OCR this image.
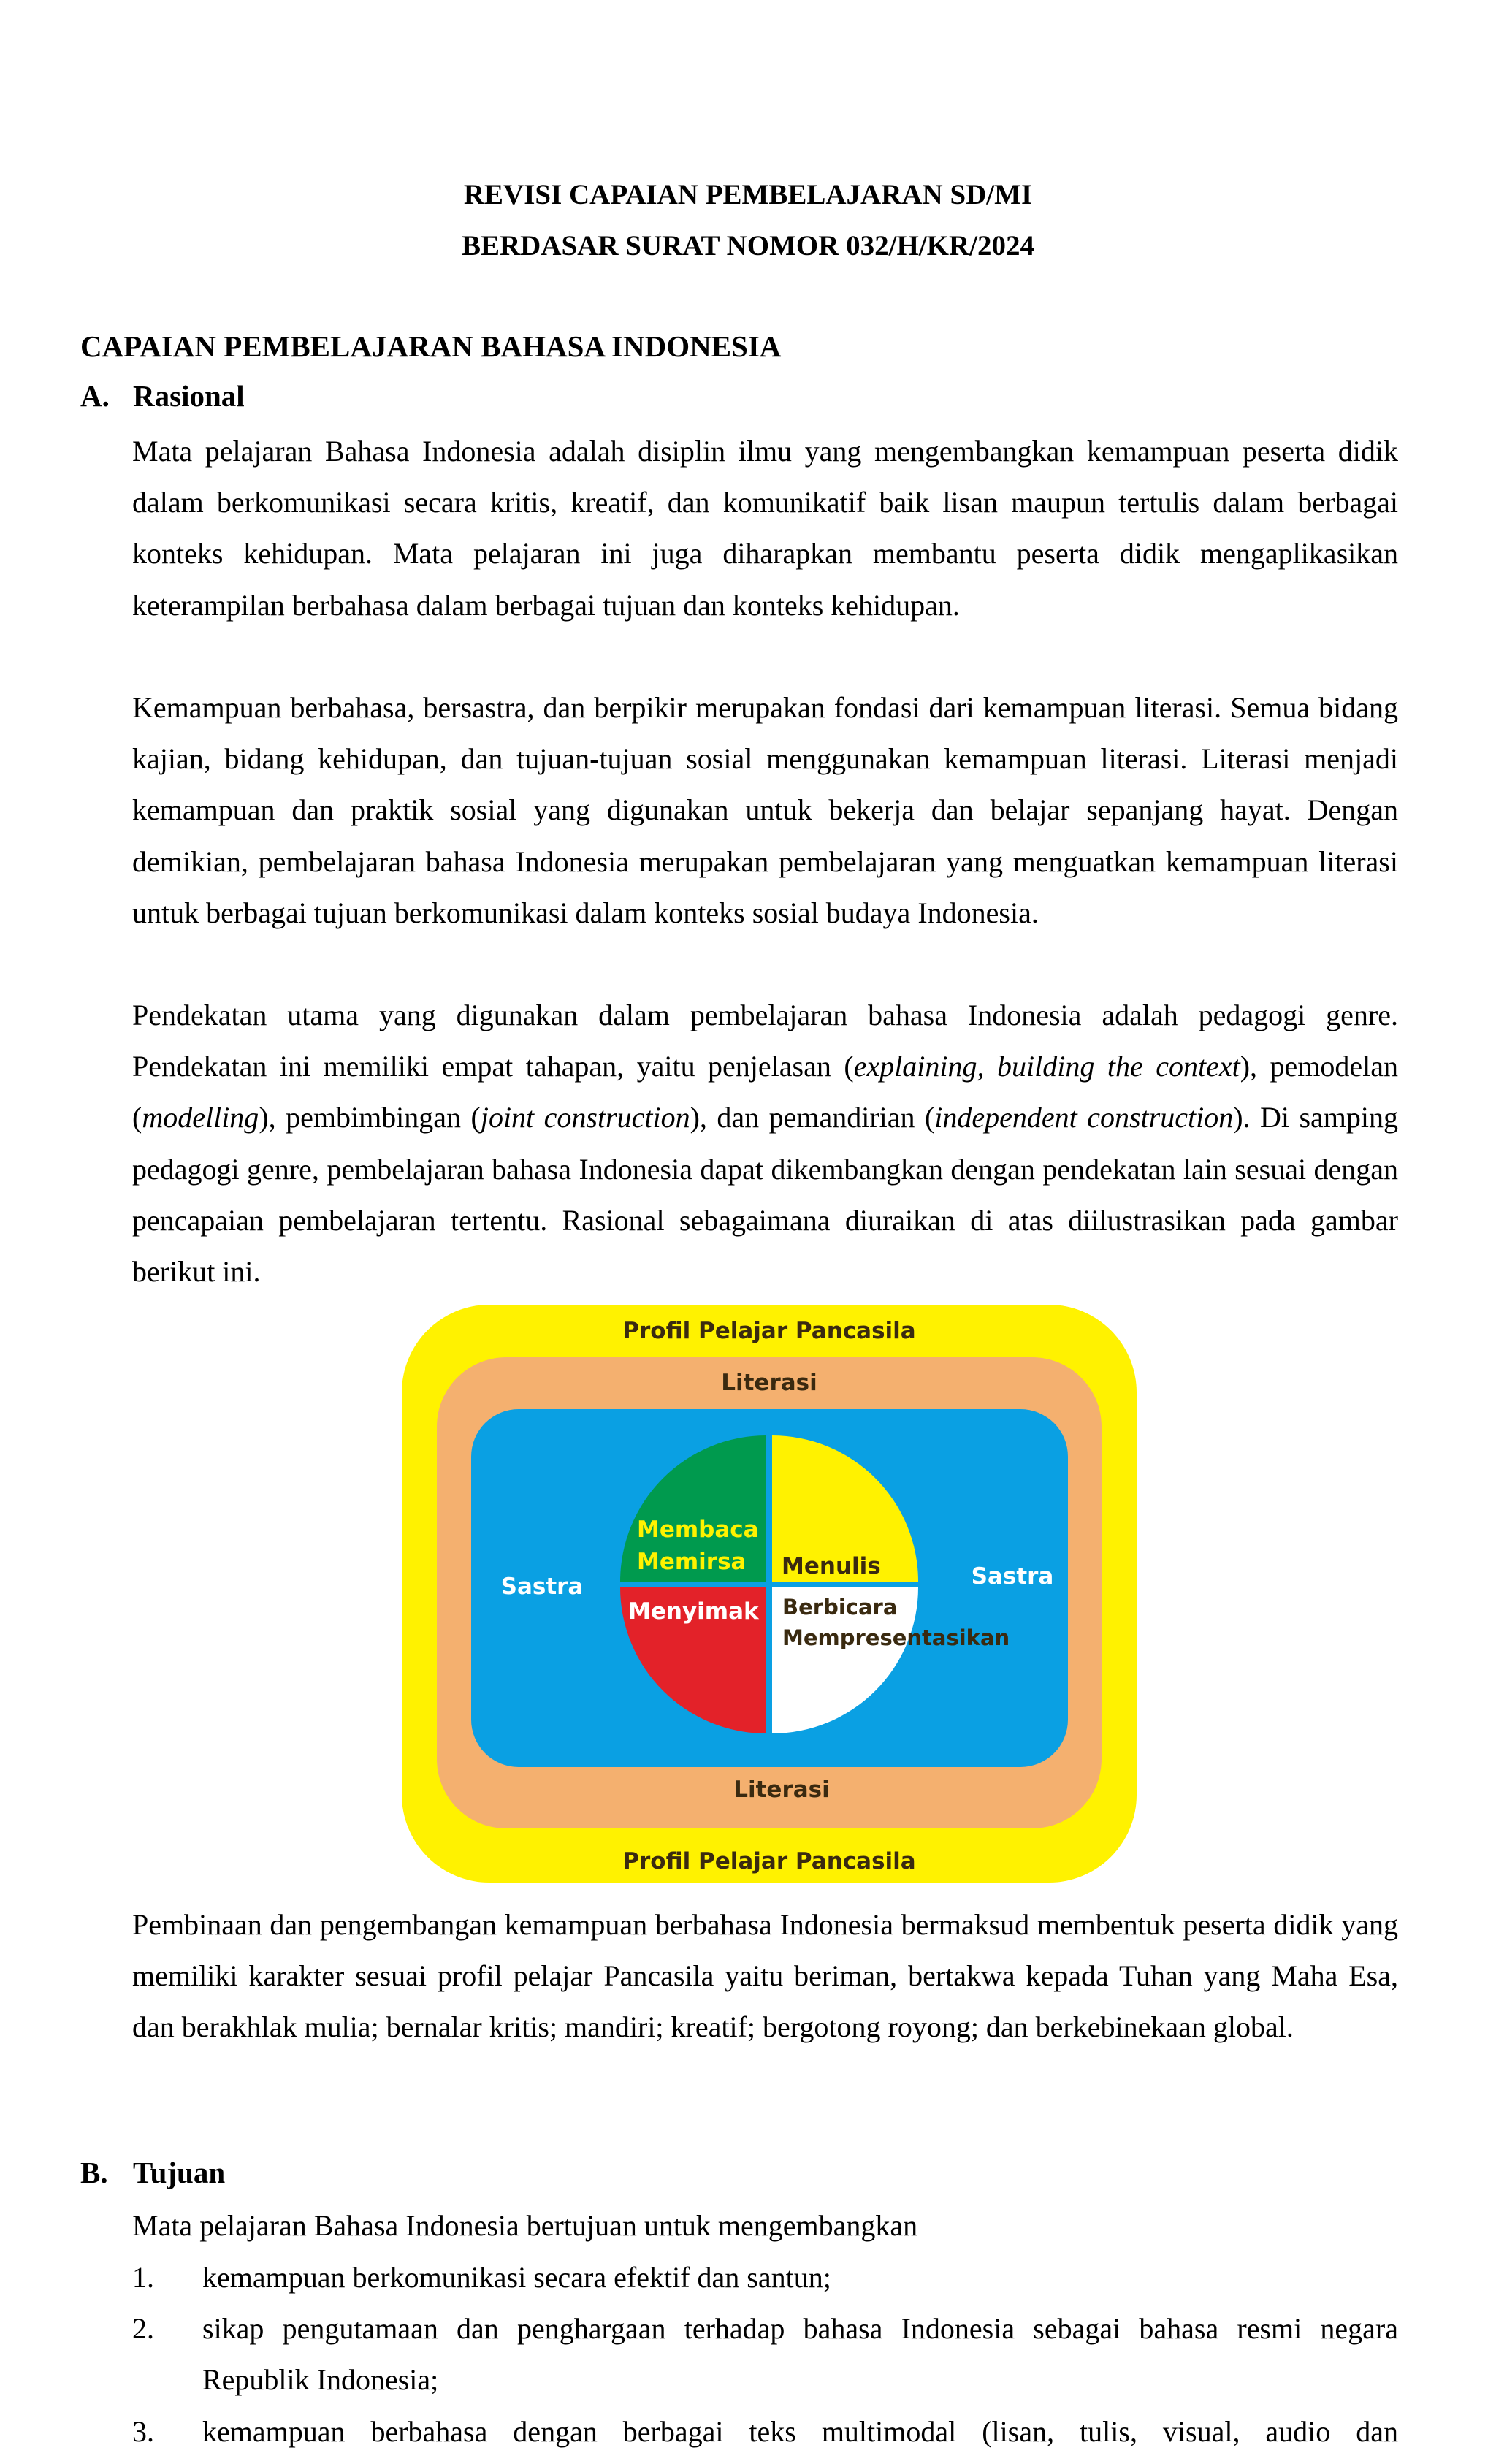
REVISI CAPAIAN PEMBELAJARAN SD/MI
BERDASAR SURAT NOMOR 032/H/KR/2024
CAPAIAN PEMBELAJARAN BAHASA INDONESIA
A. Rasional

Mata pelajaran Bahasa Indonesia adalah disiplin ilmu yang mengembangkan kemampuan peserta didik dalam berkomunikasi secara kritis, kreatif, dan komunikatif baik lisan maupun tertulis dalam berbagai konteks kehidupan. Mata pelajaran ini juga diharapkan membantu peserta didik mengaplikasikan keterampilan berbahasa dalam berbagai tujuan dan konteks kehidupan.

Kemampuan berbahasa, bersastra, dan berpikir merupakan fondasi dari kemampuan literasi. Semua bidang kajian, bidang kehidupan, dan tujuan-tujuan sosial menggunakan kemampuan literasi. Literasi menjadi kemampuan dan praktik sosial yang digunakan untuk bekerja dan belajar sepanjang hayat. Dengan demikian, pembelajaran bahasa Indonesia merupakan pembelajaran yang menguatkan kemampuan literasi untuk berbagai tujuan berkomunikasi dalam konteks sosial budaya Indonesia.

Pendekatan utama yang digunakan dalam pembelajaran bahasa Indonesia adalah pedagogi genre. Pendekatan ini memiliki empat tahapan, yaitu penjelasan (explaining, building the context), pemodelan (modelling), pembimbingan (joint construction), dan pemandirian (independent construction). Di samping pedagogi genre, pembelajaran bahasa Indonesia dapat dikembangkan dengan pendekatan lain sesuai dengan pencapaian pembelajaran tertentu. Rasional sebagaimana diuraikan di atas diilustrasikan pada gambar berikut ini.

Profil Pelajar Pancasila
Profil Pelajar Pancasila
Literasi
Literasi
Sastra	Sastra
Membaca
Memirsa Menulis
Menyimak Berbicara
Mempresentasikan

Pembinaan dan pengembangan kemampuan berbahasa Indonesia bermaksud membentuk peserta didik yang memiliki karakter sesuai profil pelajar Pancasila yaitu beriman, bertakwa kepada Tuhan yang Maha Esa, dan berakhlak mulia; bernalar kritis; mandiri; kreatif; bergotong royong; dan berkebinekaan global.

B. Tujuan

Mata pelajaran Bahasa Indonesia bertujuan untuk mengembangkan

1. kemampuan berkomunikasi secara efektif dan santun;
2. sikap pengutamaan dan penghargaan terhadap bahasa Indonesia sebagai bahasa resmi negara Republik Indonesia;
3. kemampuan berbahasa dengan berbagai teks multimodal (lisan, tulis, visual, audio dan
